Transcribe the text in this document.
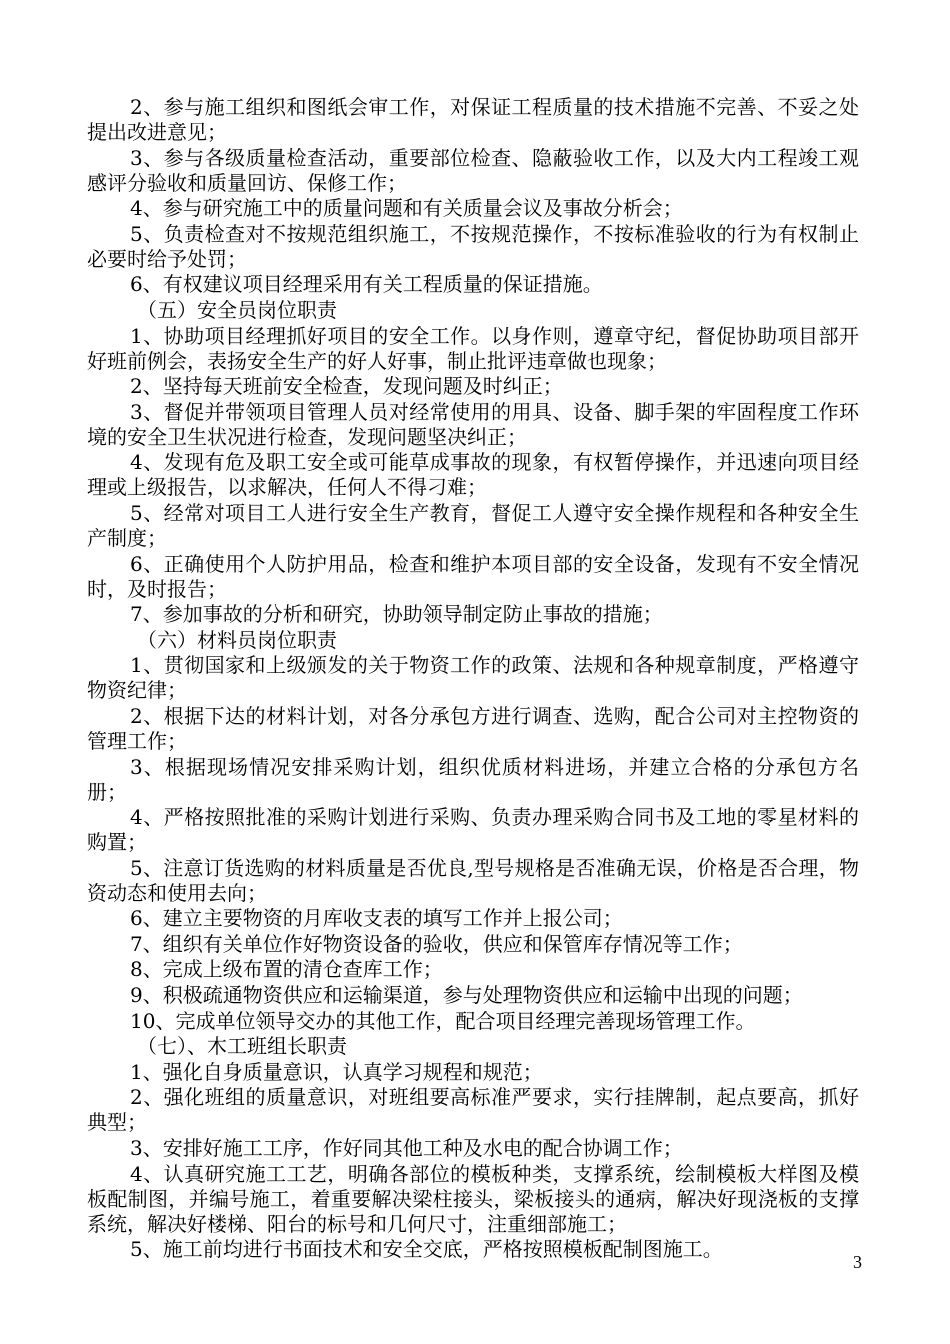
2、参与施工组织和图纸会审工作，对保证工程质量的技术措施不完善、不妥之处提出改进意见；

3、参与各级质量检查活动，重要部位检查、隐蔽验收工作，以及大内工程竣工观感评分验收和质量回访、保修工作；

4、参与研究施工中的质量问题和有关质量会议及事故分析会；

5、负责检查对不按规范组织施工，不按规范操作，不按标准验收的行为有权制止必要时给予处罚；

6、有权建议项目经理采用有关工程质量的保证措施。

（五）安全员岗位职责

1、协助项目经理抓好项目的安全工作。以身作则，遵章守纪，督促协助项目部开好班前例会，表扬安全生产的好人好事，制止批评违章做也现象；

2、坚持每天班前安全检查，发现问题及时纠正；

3、督促并带领项目管理人员对经常使用的用具、设备、脚手架的牢固程度工作环境的安全卫生状况进行检查，发现问题坚决纠正；

4、发现有危及职工安全或可能草成事故的现象，有权暂停操作，并迅速向项目经理或上级报告，以求解决，任何人不得刁难；

5、经常对项目工人进行安全生产教育，督促工人遵守安全操作规程和各种安全生产制度；

6、正确使用个人防护用品，检查和维护本项目部的安全设备，发现有不安全情况时，及时报告；

7、参加事故的分析和研究，协助领导制定防止事故的措施；

（六）材料员岗位职责

1、贯彻国家和上级颁发的关于物资工作的政策、法规和各种规章制度，严格遵守物资纪律；

2、根据下达的材料计划，对各分承包方进行调查、选购，配合公司对主控物资的管理工作；

3、根据现场情况安排采购计划，组织优质材料进场，并建立合格的分承包方名册；

4、严格按照批准的采购计划进行采购、负责办理采购合同书及工地的零星材料的购置；

5、注意订货选购的材料质量是否优良,型号规格是否准确无误，价格是否合理，物资动态和使用去向；

6、建立主要物资的月库收支表的填写工作并上报公司；

7、组织有关单位作好物资设备的验收，供应和保管库存情况等工作；

8、完成上级布置的清仓查库工作；

9、积极疏通物资供应和运输渠道，参与处理物资供应和运输中出现的问题；

10、完成单位领导交办的其他工作，配合项目经理完善现场管理工作。

（七）、木工班组长职责

1、强化自身质量意识，认真学习规程和规范；

2、强化班组的质量意识，对班组要高标准严要求，实行挂牌制，起点要高，抓好典型；

3、安排好施工工序，作好同其他工种及水电的配合协调工作；

4、认真研究施工工艺，明确各部位的模板种类，支撑系统，绘制模板大样图及模板配制图，并编号施工，着重要解决梁柱接头，梁板接头的通病，解决好现浇板的支撑系统，解决好楼梯、阳台的标号和几何尺寸，注重细部施工；

5、施工前均进行书面技术和安全交底，严格按照模板配制图施工。

3
